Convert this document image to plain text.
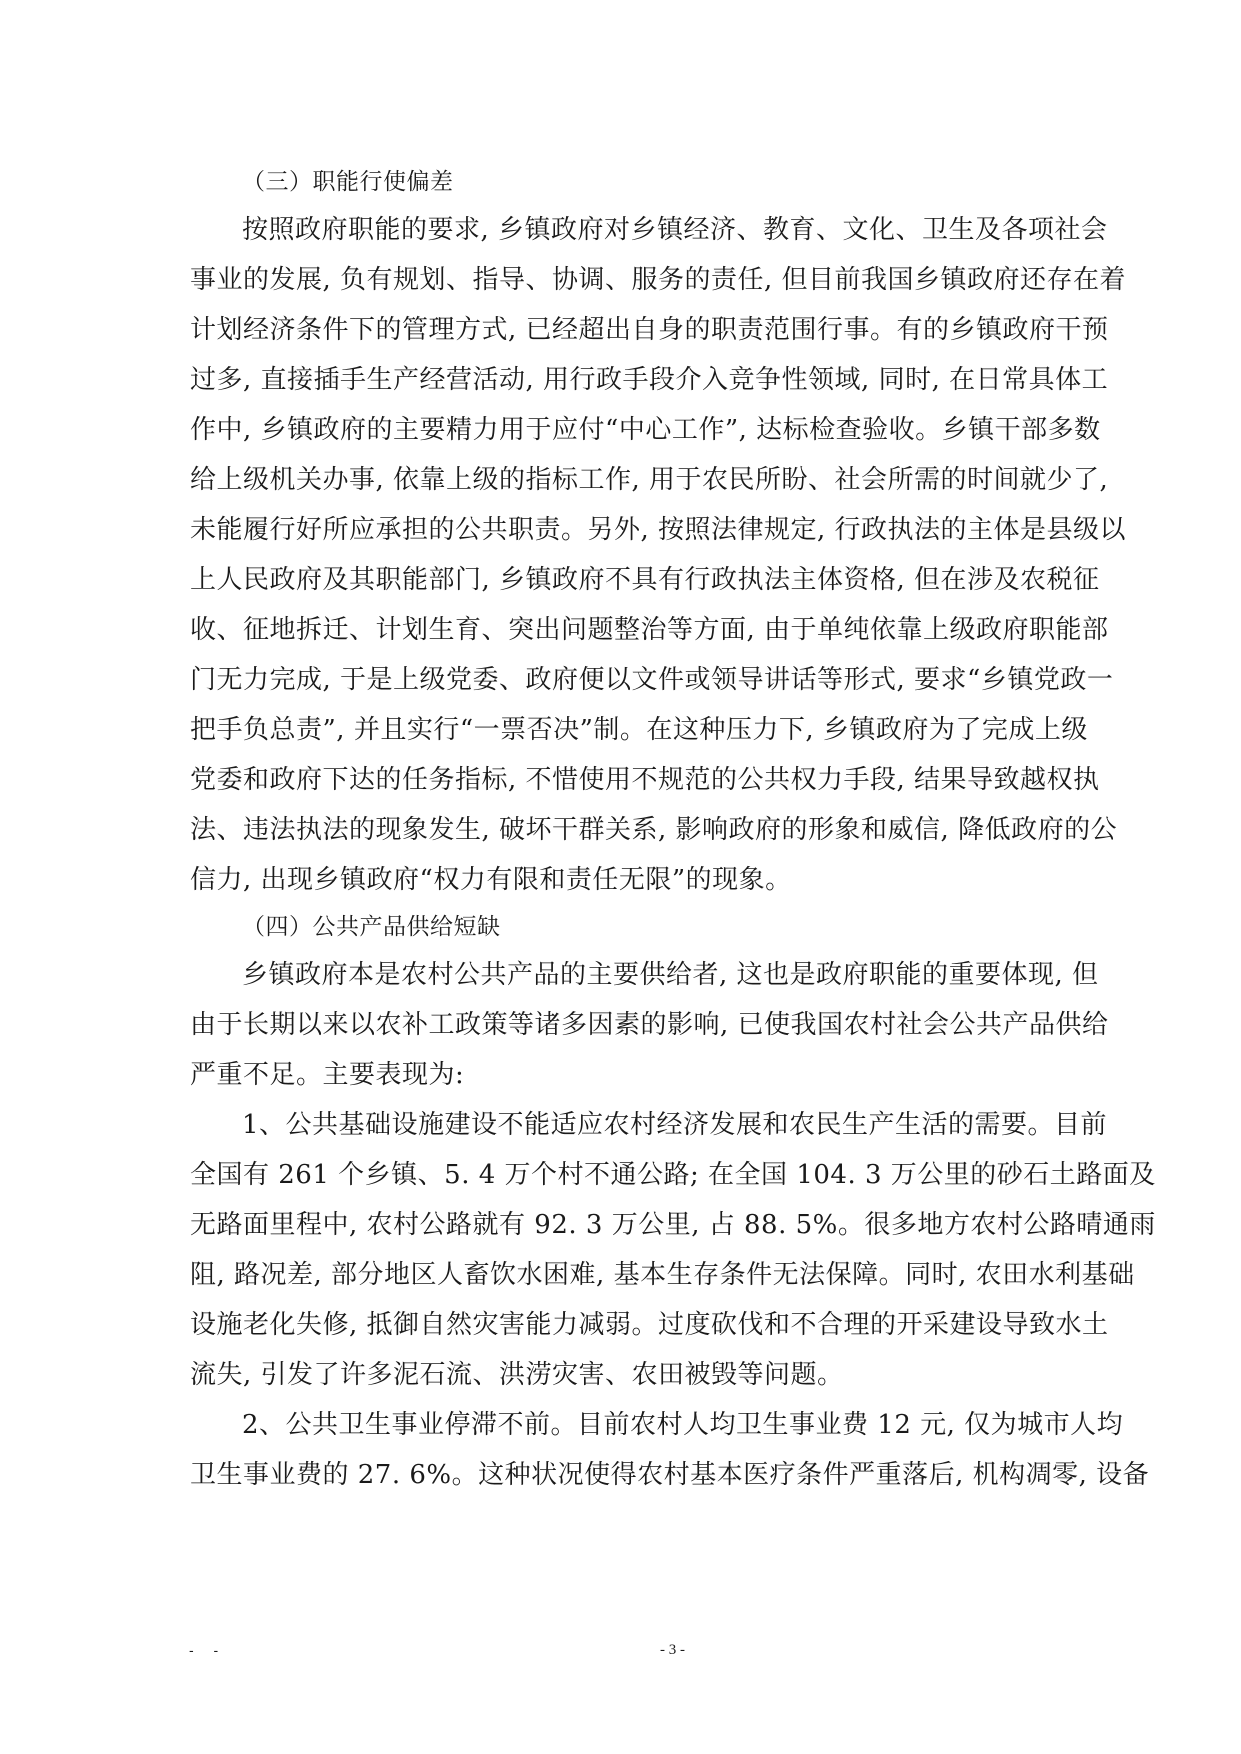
（三）职能行使偏差
按照政府职能的要求, 乡镇政府对乡镇经济、教育、文化、卫生及各项社会
事业的发展, 负有规划、指导、协调、服务的责任, 但目前我国乡镇政府还存在着
计划经济条件下的管理方式, 已经超出自身的职责范围行事。有的乡镇政府干预
过多, 直接插手生产经营活动, 用行政手段介入竞争性领域, 同时, 在日常具体工
作中, 乡镇政府的主要精力用于应付“中心工作”, 达标检查验收。乡镇干部多数
给上级机关办事, 依靠上级的指标工作, 用于农民所盼、社会所需的时间就少了,
未能履行好所应承担的公共职责。另外, 按照法律规定, 行政执法的主体是县级以
上人民政府及其职能部门, 乡镇政府不具有行政执法主体资格, 但在涉及农税征
收、征地拆迁、计划生育、突出问题整治等方面, 由于单纯依靠上级政府职能部
门无力完成, 于是上级党委、政府便以文件或领导讲话等形式, 要求“乡镇党政一
把手负总责”, 并且实行“一票否决”制。在这种压力下, 乡镇政府为了完成上级
党委和政府下达的任务指标, 不惜使用不规范的公共权力手段, 结果导致越权执
法、违法执法的现象发生, 破坏干群关系, 影响政府的形象和威信, 降低政府的公
信力, 出现乡镇政府“权力有限和责任无限”的现象。
（四）公共产品供给短缺
乡镇政府本是农村公共产品的主要供给者, 这也是政府职能的重要体现, 但
由于长期以来以农补工政策等诸多因素的影响, 已使我国农村社会公共产品供给
严重不足。主要表现为:
1、公共基础设施建设不能适应农村经济发展和农民生产生活的需要。目前
全国有 261 个乡镇、5. 4 万个村不通公路; 在全国 104. 3 万公里的砂石土路面及
无路面里程中, 农村公路就有 92. 3 万公里, 占 88. 5%。很多地方农村公路晴通雨
阻, 路况差, 部分地区人畜饮水困难, 基本生存条件无法保障。同时, 农田水利基础
设施老化失修, 抵御自然灾害能力减弱。过度砍伐和不合理的开采建设导致水土
流失, 引发了许多泥石流、洪涝灾害、农田被毁等问题。
2、公共卫生事业停滞不前。目前农村人均卫生事业费 12 元, 仅为城市人均
卫生事业费的 27. 6%。这种状况使得农村基本医疗条件严重落后, 机构凋零, 设备
- -	- 3 -
